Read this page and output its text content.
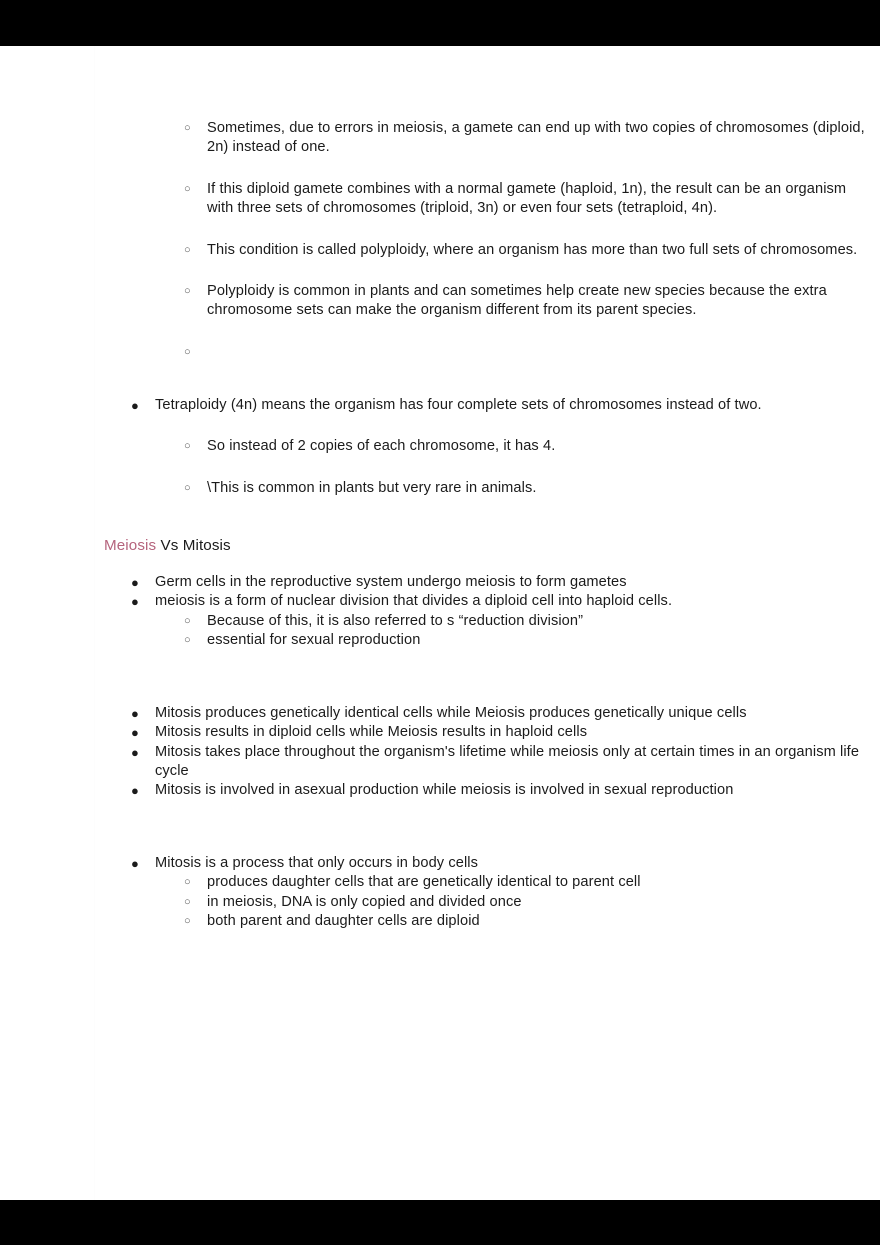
○ Sometimes, due to errors in meiosis, a gamete can end up with two copies of chromosomes (diploid, 2n) instead of one.
○ If this diploid gamete combines with a normal gamete (haploid, 1n), the result can be an organism with three sets of chromosomes (triploid, 3n) or even four sets (tetraploid, 4n).
○ This condition is called polyploidy, where an organism has more than two full sets of chromosomes.
○ Polyploidy is common in plants and can sometimes help create new species because the extra chromosome sets can make the organism different from its parent species.
○
● Tetraploidy (4n) means the organism has four complete sets of chromosomes instead of two.
○ So instead of 2 copies of each chromosome, it has 4.
○ \This is common in plants but very rare in animals.
Meiosis Vs Mitosis
● Germ cells in the reproductive system undergo meiosis to form gametes
● meiosis is a form of nuclear division that divides a diploid cell into haploid cells.
○ Because of this, it is also referred to s “reduction division”
○ essential for sexual reproduction
● Mitosis produces genetically identical cells while Meiosis produces genetically unique cells
● Mitosis results in diploid cells while Meiosis results in haploid cells
● Mitosis takes place throughout the organism's lifetime while meiosis only at certain times in an organism life cycle
● Mitosis is involved in asexual production while meiosis is involved in sexual reproduction
● Mitosis is a process that only occurs in body cells
○ produces daughter cells that are genetically identical to parent cell
○ in meiosis, DNA is only copied and divided once
○ both parent and daughter cells are diploid
